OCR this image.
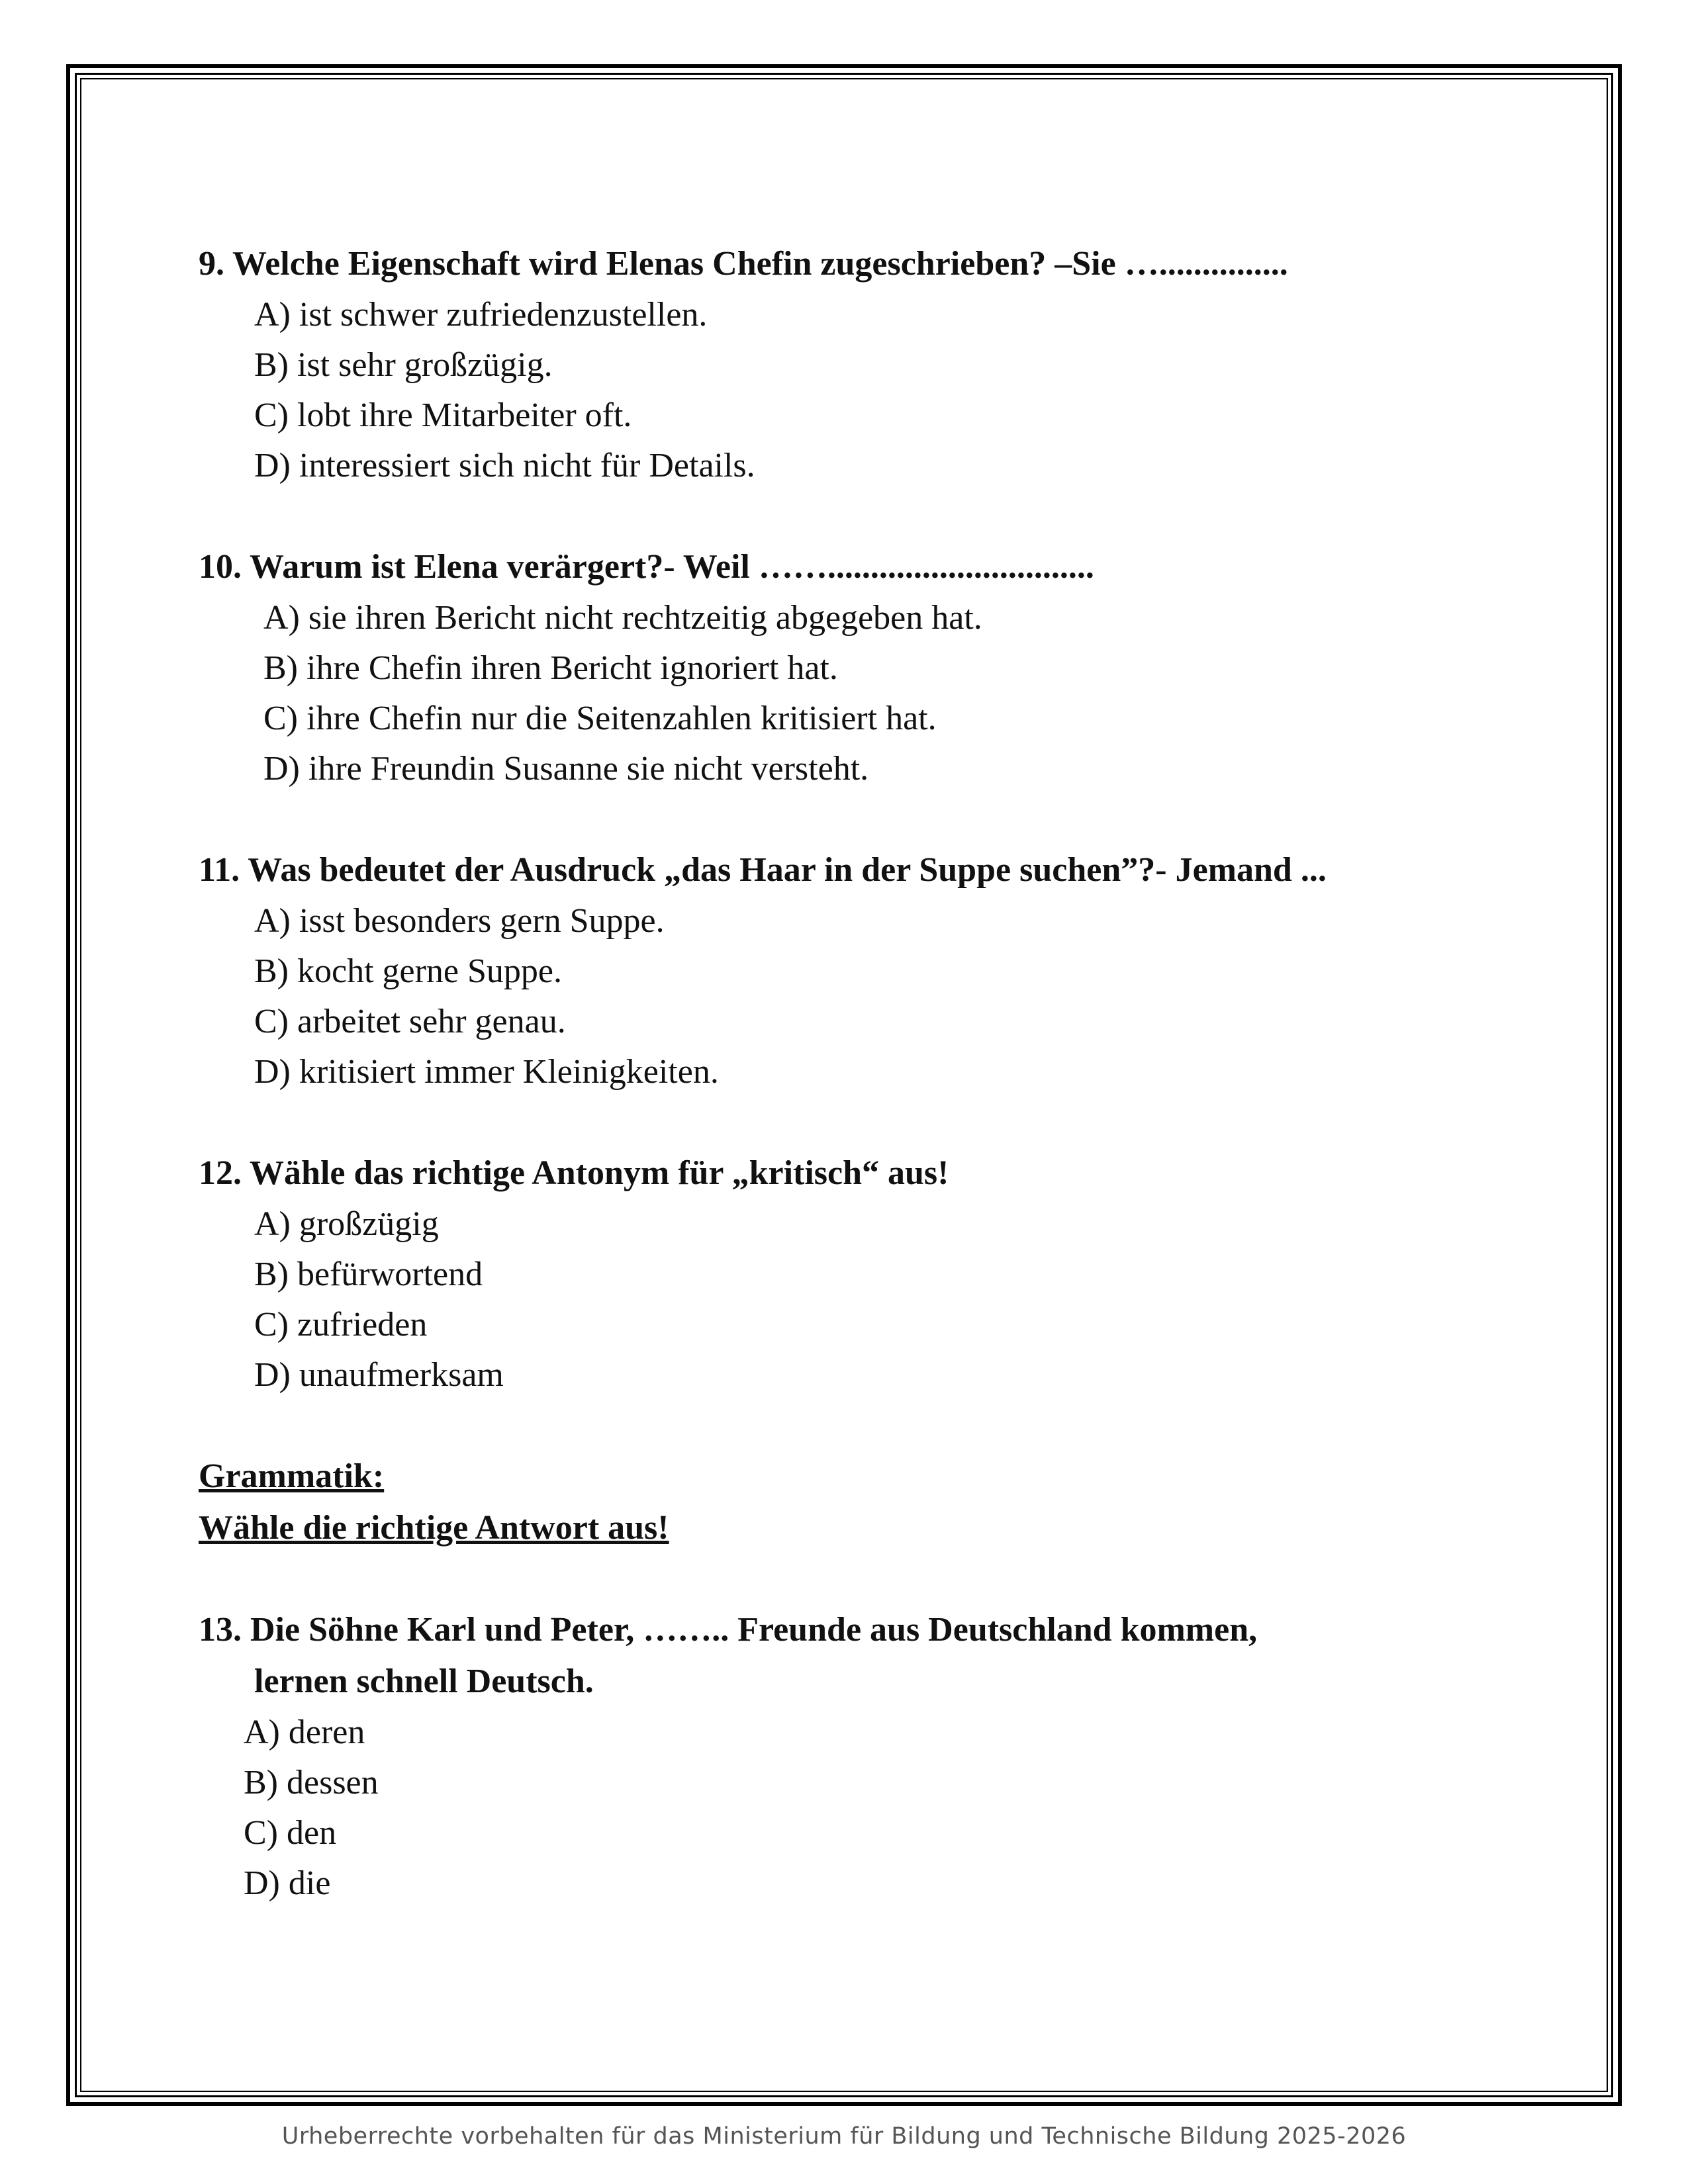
9. Welche Eigenschaft wird Elenas Chefin zugeschrieben? –Sie …...............

A) ist schwer zufriedenzustellen.

B) ist sehr großzügig.

C) lobt ihre Mitarbeiter oft.

D) interessiert sich nicht für Details.

10. Warum ist Elena verärgert?- Weil ……...............................

A) sie ihren Bericht nicht rechtzeitig abgegeben hat.

B) ihre Chefin ihren Bericht ignoriert hat.

C) ihre Chefin nur die Seitenzahlen kritisiert hat.

D) ihre Freundin Susanne sie nicht versteht.

11. Was bedeutet der Ausdruck „das Haar in der Suppe suchen”?- Jemand ...

A) isst besonders gern Suppe.

B) kocht gerne Suppe.

C) arbeitet sehr genau.

D) kritisiert immer Kleinigkeiten.

12. Wähle das richtige Antonym für „kritisch“ aus!

A) großzügig

B) befürwortend

C) zufrieden

D) unaufmerksam

Grammatik:

Wähle die richtige Antwort aus!

13. Die Söhne Karl und Peter, …….. Freunde aus Deutschland kommen,

lernen schnell Deutsch.

A) deren

B) dessen

C) den

D) die

Urheberrechte vorbehalten für das Ministerium für Bildung und Technische Bildung 2025-2026
